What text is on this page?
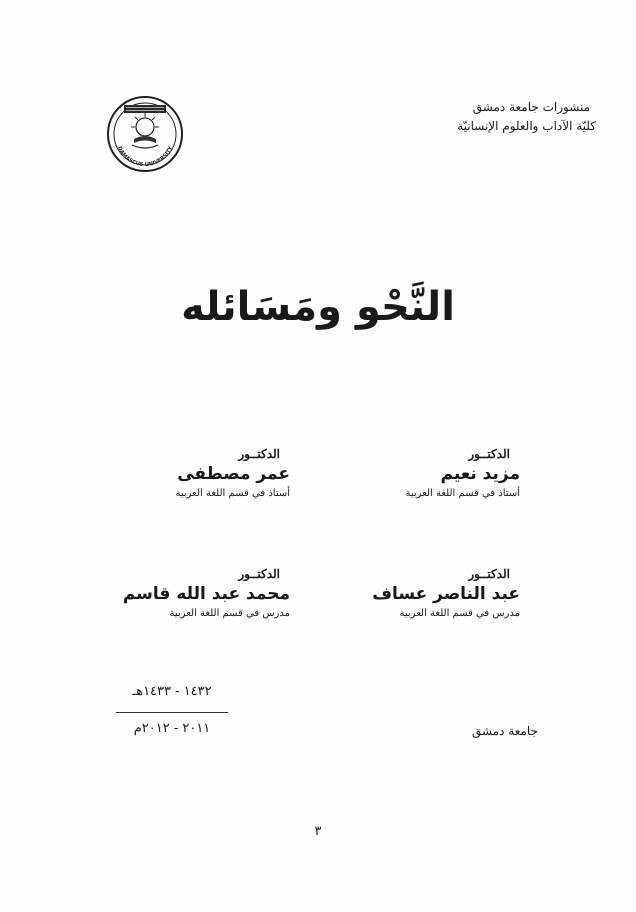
DAMASCUS UNIVERSITY
منشورات جامعة دمشق
كليّة الآداب والعلوم الإنسانيّة
النَّحْو ومَسَائله
الدكتــور
مزيد نعيم
أستاذ في قسم اللغة العربية
الدكتــور
عمر مصطفى
أستاذ في قسم اللغة العربية
الدكتــور
عبد الناصر عساف
مدرس في قسم اللغة العربية
الدكتــور
محمد عبد الله قاسم
مدرس في قسم اللغة العربية
١٤٣٢ - ١٤٣٣هـ
٢٠١١ - ٢٠١٢م	جامعة دمشق
٣
